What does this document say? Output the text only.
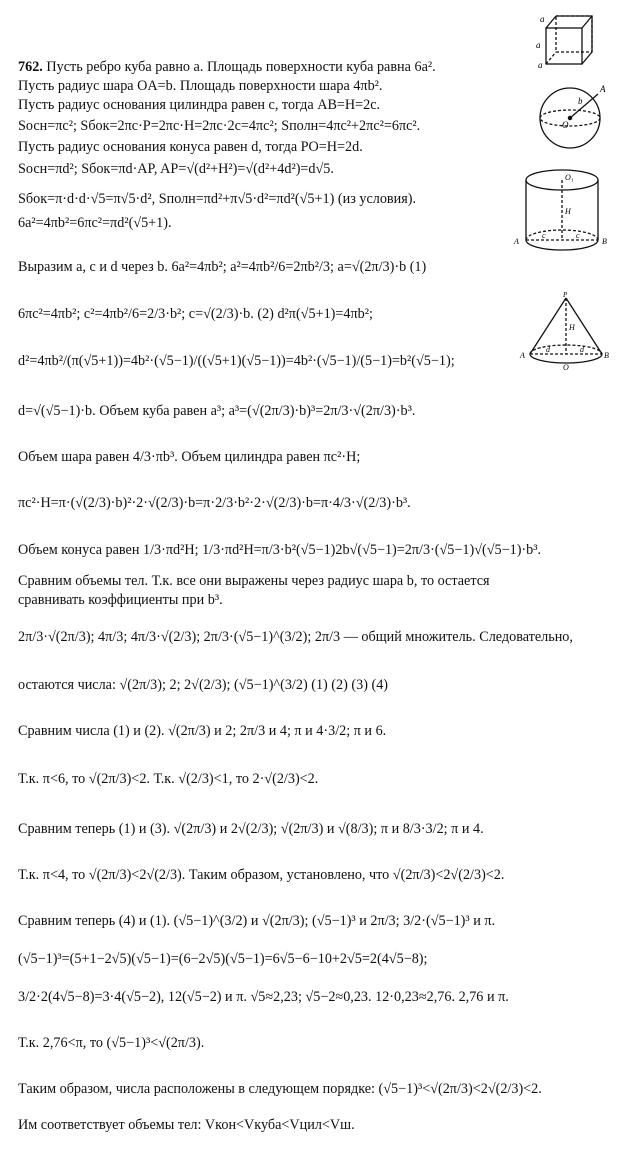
762. Пусть ребро куба равно a. Площадь поверхности куба равна 6a².
Пусть радиус шара OA=b. Площадь поверхности шара 4πb².
Пусть радиус основания цилиндра равен c, тогда AB=H=2c.
Sосн=πc²; Sбок=2πc·P=2πc·H=2πc·2c=4πc²; Sполн=4πc²+2πc²=6πc².
Пусть радиус основания конуса равен d, тогда PO=H=2d.
Sосн=πd²; Sбок=πd·AP, AP=√(d²+H²)=√(d²+4d²)=d√5.
Sбок=π·d·d·√5=π√5·d², Sполн=πd²+π√5·d²=πd²(√5+1) (из условия).
6a²=4πb²=6πc²=πd²(√5+1).
Выразим a, c и d через b. 6a²=4πb²; a²=4πb²/6=2πb²/3; a=√(2π/3)·b (1)
6πc²=4πb²; c²=4πb²/6=2/3·b²; c=√(2/3)·b. (2) d²π(√5+1)=4πb²;
d²=4πb²/(π(√5+1))=4b²·(√5−1)/((√5+1)(√5−1))=4b²·(√5−1)/(5−1)=b²(√5−1);
d=√(√5−1)·b. Объем куба равен a³; a³=(√(2π/3)·b)³=2π/3·√(2π/3)·b³.
Объем шара равен 4/3·πb³. Объем цилиндра равен πc²·H;
πc²·H=π·(√(2/3)·b)²·2·√(2/3)·b=π·2/3·b²·2·√(2/3)·b=π·4/3·√(2/3)·b³.
Объем конуса равен 1/3·πd²H; 1/3·πd²H=π/3·b²(√5−1)2b√(√5−1)=2π/3·(√5−1)√(√5−1)·b³.
Сравним объемы тел. Т.к. все они выражены через радиус шара b, то остается
сравнивать коэффициенты при b³.
2π/3·√(2π/3); 4π/3; 4π/3·√(2/3); 2π/3·(√5−1)^(3/2); 2π/3 — общий множитель. Следовательно,
остаются числа: √(2π/3); 2; 2√(2/3); (√5−1)^(3/2) (1) (2) (3) (4)
Сравним числа (1) и (2). √(2π/3) и 2; 2π/3 и 4; π и 4·3/2; π и 6.
Т.к. π<6, то √(2π/3)<2. Т.к. √(2/3)<1, то 2·√(2/3)<2.
Сравним теперь (1) и (3). √(2π/3) и 2√(2/3); √(2π/3) и √(8/3); π и 8/3·3/2; π и 4.
Т.к. π<4, то √(2π/3)<2√(2/3). Таким образом, установлено, что √(2π/3)<2√(2/3)<2.
Сравним теперь (4) и (1). (√5−1)^(3/2) и √(2π/3); (√5−1)³ и 2π/3; 3/2·(√5−1)³ и π.
(√5−1)³=(5+1−2√5)(√5−1)=(6−2√5)(√5−1)=6√5−6−10+2√5=2(4√5−8);
3/2·2(4√5−8)=3·4(√5−2), 12(√5−2) и π. √5≈2,23; √5−2≈0,23. 12·0,23≈2,76. 2,76 и π.
Т.к. 2,76<π, то (√5−1)³<√(2π/3).
Таким образом, числа расположены в следующем порядке: (√5−1)³<√(2π/3)<2√(2/3)<2.
Им соответствует объемы тел: Vкон<Vкуба<Vцил<Vш.
a
a
a
O
b
A
O₁
H
A
c	c
B
P
H
A
d	d
O
B
